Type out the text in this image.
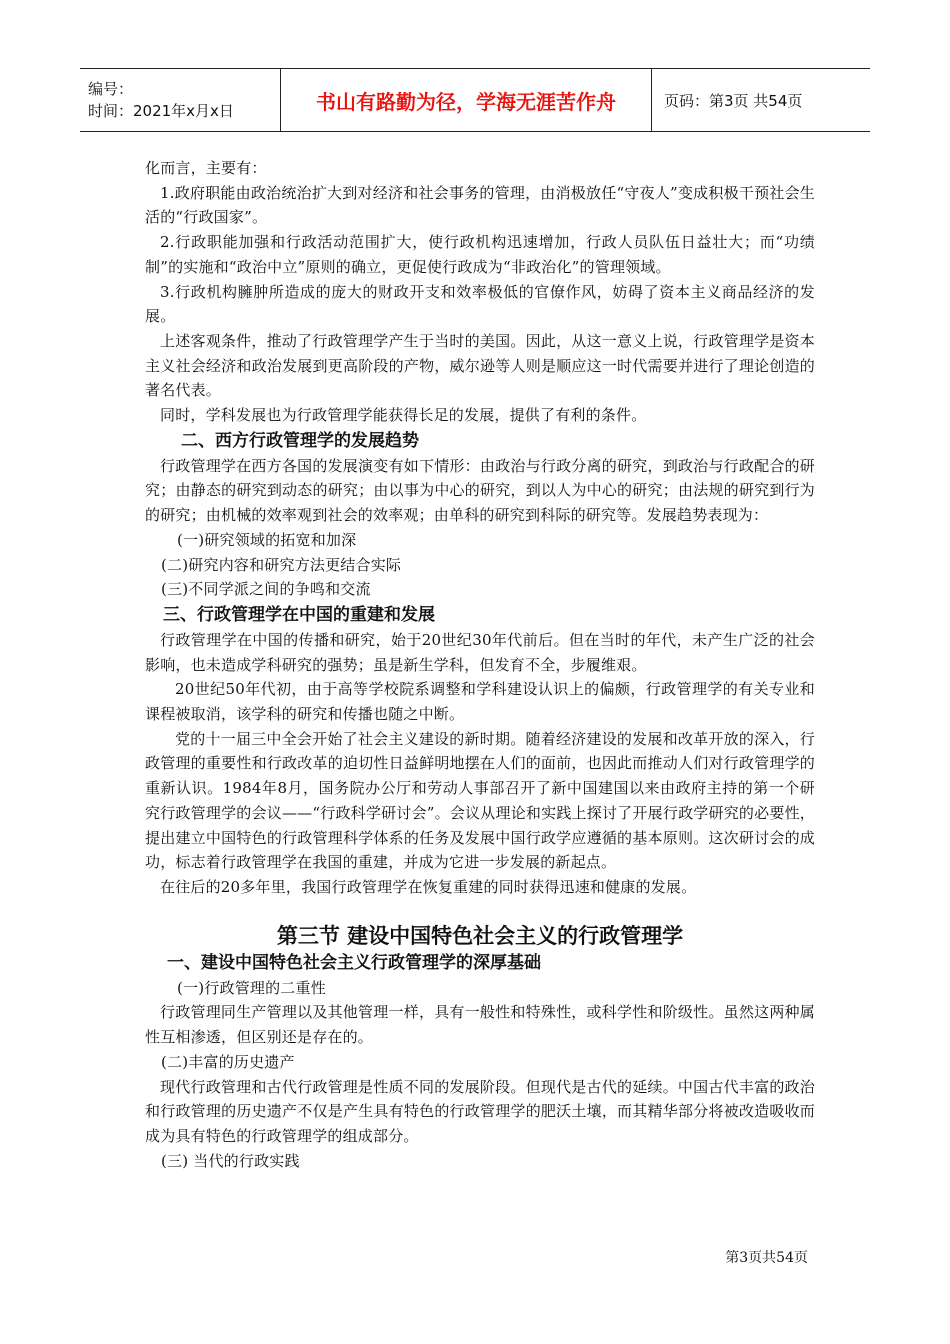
编号：
时间：2021年x月x日	书山有路勤为径，学海无涯苦作舟	页码：第3页 共54页

化而言，主要有：

1.政府职能由政治统治扩大到对经济和社会事务的管理，由消极放任“守夜人”变成积极干预社会生活的“行政国家”。

2.行政职能加强和行政活动范围扩大，使行政机构迅速增加，行政人员队伍日益壮大；而“功绩制”的实施和“政治中立”原则的确立，更促使行政成为“非政治化”的管理领域。

3.行政机构臃肿所造成的庞大的财政开支和效率极低的官僚作风，妨碍了资本主义商品经济的发展。

上述客观条件，推动了行政管理学产生于当时的美国。因此，从这一意义上说，行政管理学是资本主义社会经济和政治发展到更高阶段的产物，威尔逊等人则是顺应这一时代需要并进行了理论创造的著名代表。

同时，学科发展也为行政管理学能获得长足的发展，提供了有利的条件。

二、西方行政管理学的发展趋势

行政管理学在西方各国的发展演变有如下情形：由政治与行政分离的研究，到政治与行政配合的研究；由静态的研究到动态的研究；由以事为中心的研究，到以人为中心的研究；由法规的研究到行为的研究；由机械的效率观到社会的效率观；由单科的研究到科际的研究等。发展趋势表现为：

(一)研究领域的拓宽和加深

(二)研究内容和研究方法更结合实际

(三)不同学派之间的争鸣和交流

三、行政管理学在中国的重建和发展

行政管理学在中国的传播和研究，始于20世纪30年代前后。但在当时的年代，未产生广泛的社会影响，也未造成学科研究的强势；虽是新生学科，但发育不全，步履维艰。

20世纪50年代初，由于高等学校院系调整和学科建设认识上的偏颇，行政管理学的有关专业和课程被取消，该学科的研究和传播也随之中断。

党的十一届三中全会开始了社会主义建设的新时期。随着经济建设的发展和改革开放的深入，行政管理的重要性和行政改革的迫切性日益鲜明地摆在人们的面前，也因此而推动人们对行政管理学的重新认识。1984年8月，国务院办公厅和劳动人事部召开了新中国建国以来由政府主持的第一个研究行政管理学的会议——“行政科学研讨会”。会议从理论和实践上探讨了开展行政学研究的必要性，提出建立中国特色的行政管理科学体系的任务及发展中国行政学应遵循的基本原则。这次研讨会的成功，标志着行政管理学在我国的重建，并成为它进一步发展的新起点。

在往后的20多年里，我国行政管理学在恢复重建的同时获得迅速和健康的发展。

第三节 建设中国特色社会主义的行政管理学

一、建设中国特色社会主义行政管理学的深厚基础

(一)行政管理的二重性

行政管理同生产管理以及其他管理一样，具有一般性和特殊性，或科学性和阶级性。虽然这两种属性互相渗透，但区别还是存在的。

(二)丰富的历史遗产

现代行政管理和古代行政管理是性质不同的发展阶段。但现代是古代的延续。中国古代丰富的政治和行政管理的历史遗产不仅是产生具有特色的行政管理学的肥沃土壤，而其精华部分将被改造吸收而成为具有特色的行政管理学的组成部分。

(三) 当代的行政实践

第3页共54页
